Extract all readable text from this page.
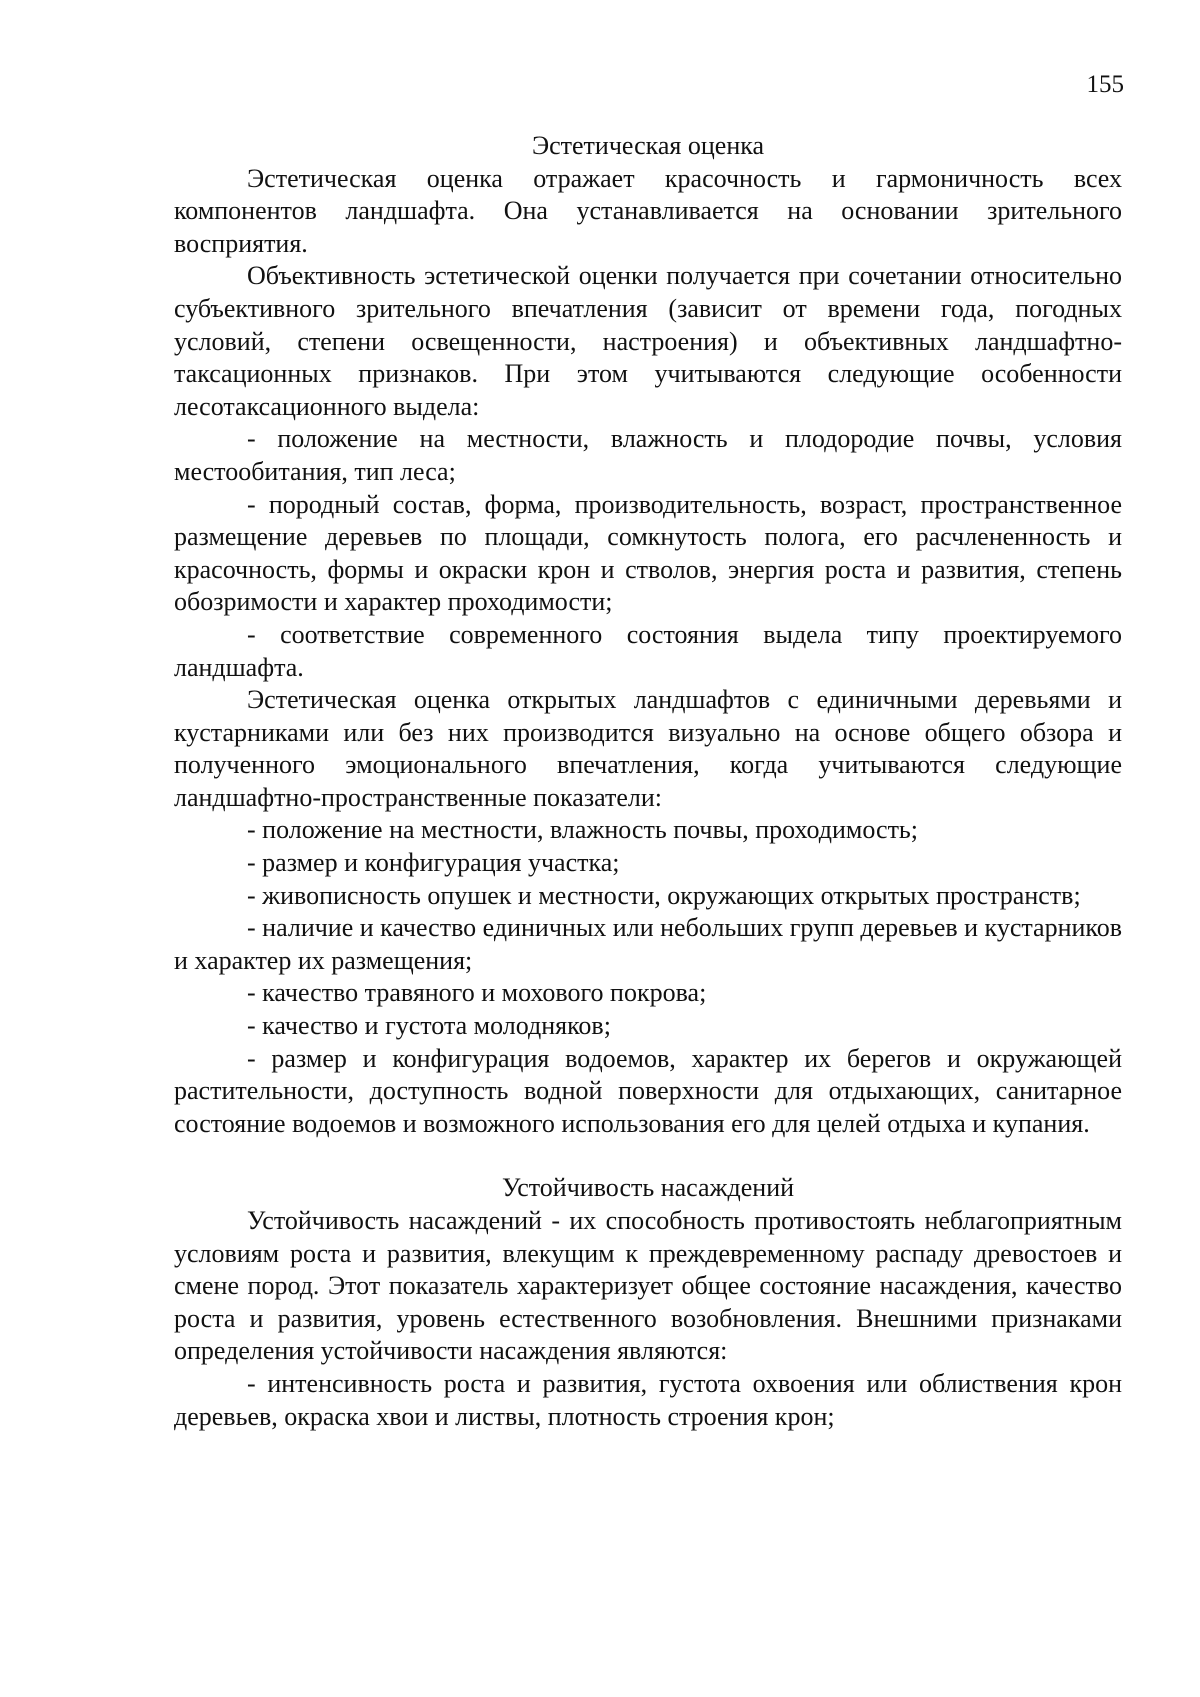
155
Эстетическая оценка

Эстетическая оценка отражает красочность и гармоничность всех компонентов ландшафта. Она устанавливается на основании зрительного восприятия.

Объективность эстетической оценки получается при сочетании относительно субъективного зрительного впечатления (зависит от времени года, погодных условий, степени освещенности, настроения) и объективных ландшафтно-таксационных признаков. При этом учитываются следующие особенности лесотаксационного выдела:

- положение на местности, влажность и плодородие почвы, условия местообитания, тип леса;

- породный состав, форма, производительность, возраст, пространственное размещение деревьев по площади, сомкнутость полога, его расчлененность и красочность, формы и окраски крон и стволов, энергия роста и развития, степень обозримости и характер проходимости;

- соответствие современного состояния выдела типу проектируемого ландшафта.

Эстетическая оценка открытых ландшафтов с единичными деревьями и кустарниками или без них производится визуально на основе общего обзора и полученного эмоционального впечатления, когда учитываются следующие ландшафтно-пространственные показатели:

- положение на местности, влажность почвы, проходимость;

- размер и конфигурация участка;

- живописность опушек и местности, окружающих открытых пространств;

- наличие и качество единичных или небольших групп деревьев и кустарников и характер их размещения;

- качество травяного и мохового покрова;

- качество и густота молодняков;

- размер и конфигурация водоемов, характер их берегов и окружающей растительности, доступность водной поверхности для отдыхающих, санитарное состояние водоемов и возможного использования его для целей отдыха и купания.

Устойчивость насаждений

Устойчивость насаждений - их способность противостоять неблагоприятным условиям роста и развития, влекущим к преждевременному распаду древостоев и смене пород. Этот показатель характеризует общее состояние насаждения, качество роста и развития, уровень естественного возобновления. Внешними признаками определения устойчивости насаждения являются:

- интенсивность роста и развития, густота охвоения или облиствения крон деревьев, окраска хвои и листвы, плотность строения крон;
